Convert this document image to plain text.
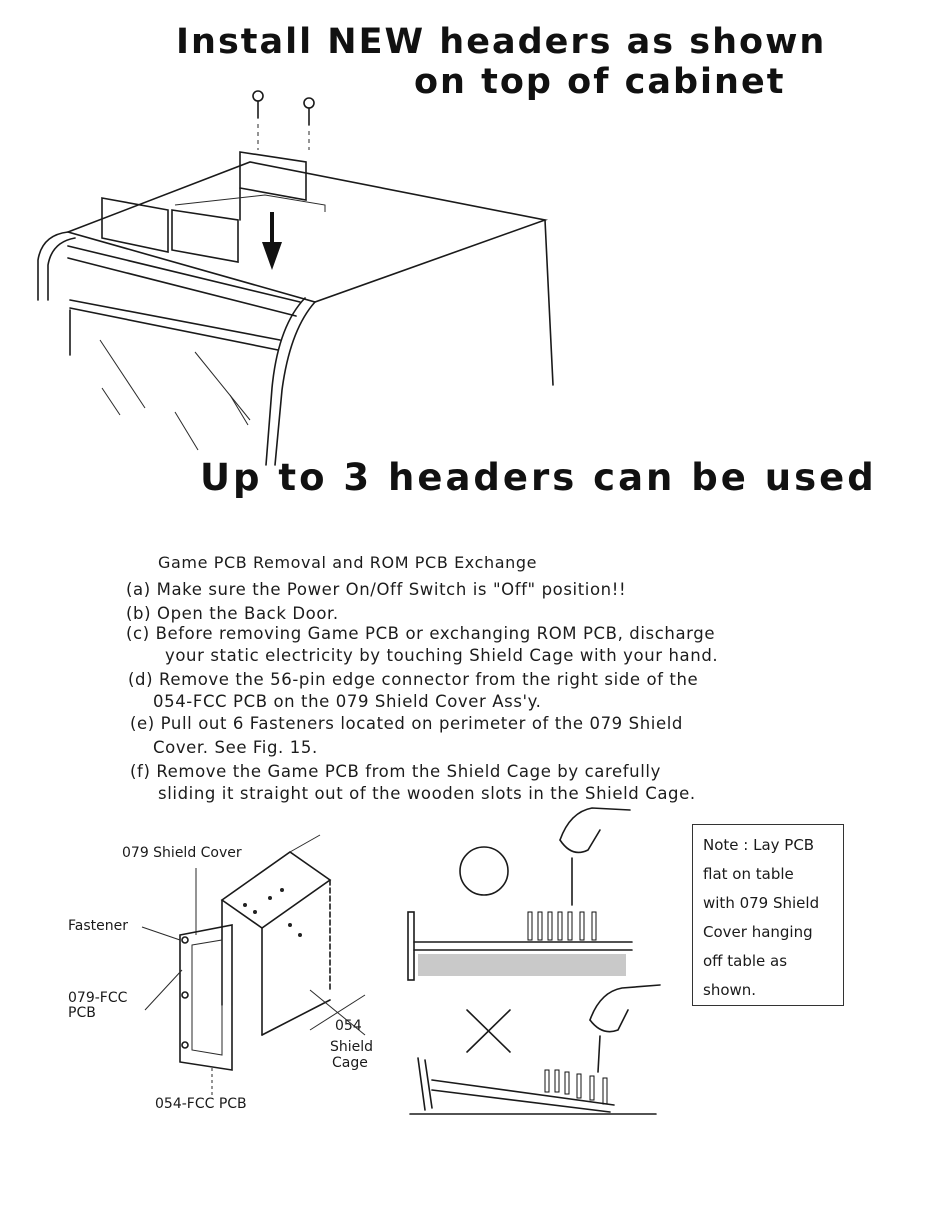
Install NEW headers as shown
on top of cabinet
Up to 3 headers can be used
Game PCB Removal and ROM PCB Exchange
(a) Make sure the Power On/Off Switch is "Off" position!!
(b) Open the Back Door.
(c) Before removing Game PCB or exchanging ROM PCB, discharge
your static electricity by touching Shield Cage with your hand.
(d) Remove the 56-pin edge connector from the right side of the
054-FCC PCB on the 079 Shield Cover Ass'y.
(e) Pull out 6 Fasteners located on perimeter of the 079 Shield
Cover. See Fig. 15.
(f) Remove the Game PCB from the Shield Cage by carefully
sliding it straight out of the wooden slots in the Shield Cage.
079 Shield Cover
Fastener
079-FCC
PCB
054
Shield
Cage
054-FCC PCB
Note : Lay PCB
flat on table
with 079 Shield
Cover hanging
off table as
shown.
